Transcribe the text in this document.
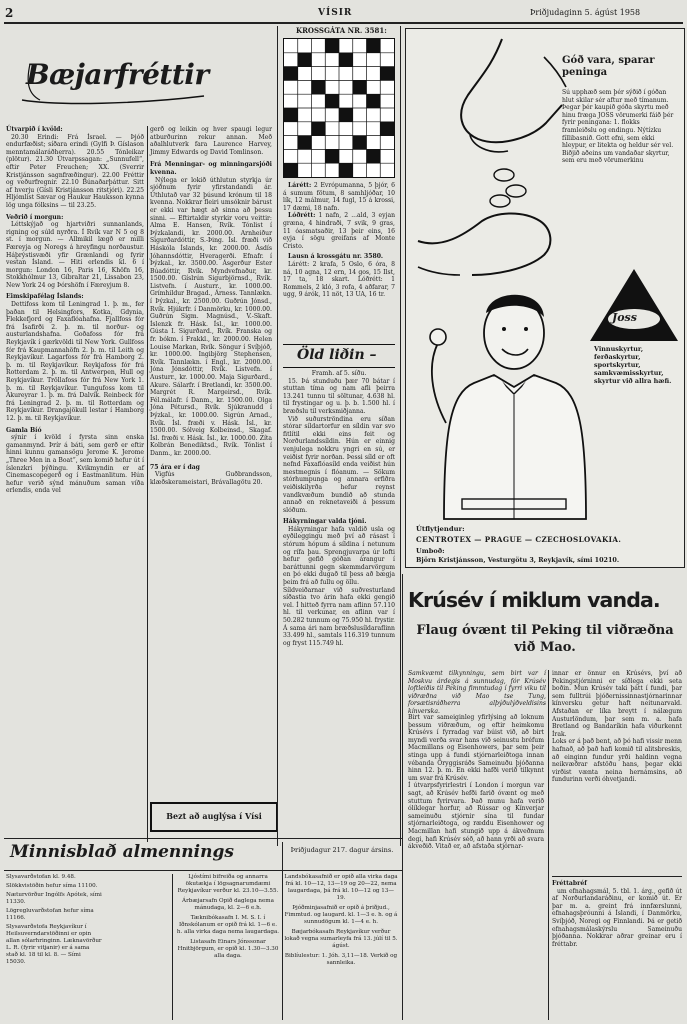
2	VÍSIR	Þriðjudaginn 5. ágúst 1958
Bæjarfréttir

Útvarpið í kvöld:

20.30 Erindi: Frá Ísrael. — Þjóð endurfæðist; síðara erindi (Gylfi Þ. Gíslason menntamálaráðherra). 20.55 Tónleikar (plötur). 21.30 Útvarpssagan: „Sunnufell“, eftir Peter Freuchen; XX. (Sverrir Kristjánsson sagnfræðingur). 22.00 Fréttir og veðurfregnir. 22.10 Búnaðarþáttur. Sitt af hverju (Gísli Kristjánsson ritstjóri). 22.25 Hljómlist Sævar og Haukur Hauksson kynna lög unga fólksins — til 23.25.

Veðrið í morgun:

Léttskýjað og hjartviðri sunnanlands, rigning og súld nyrðra. Í Rvík var N 5 og 8 st. í morgun. — Allmikil lægð er milli Færeyja og Noregs á hreyfingu norðaustur. Háþrýstisvæði yfir Grænlandi og fyrir vestan Ísland. — Hiti erlendis kl. 6 í morgun: London 16, Paris 16, Khöfn 16, Stokkhólmur 13, Gíbraltar 21, Lissabon 23, New York 24 og Þórshöfn í Færeyjum 8.

Eimskipafélag Íslands:

Dettifoss kom til Leningrad 1. þ. m., fer þaðan til Helsingfors, Kotka, Gdynia, Flekkefjord og Faxaflóahafna. Fjallfoss fór frá Ísafirði 2. þ. m. til norður- og austurlandshafna. Goðafoss fór frá Reykjavík í gærkvöldi til New York. Gullfoss fór frá Kaupmannahöfn 2. þ. m. til Leith og Reykjavíkur. Lagarfoss fór frá Hamborg 2. þ. m. til Reykjavíkur. Reykjafoss fór frá Rotterdam 2. þ. m. til Antwerpen, Hull og Reykjavíkur. Tröllafoss fór frá New York 1. þ. m. til Reykjavíkur. Tungufoss kom til Akureyrar 1. þ. m. frá Dalvík. Reinbeck fór frá Leningrad 2. þ. m. til Rotterdam og Reykjavíkur. Drangajökull lestar í Hamborg 12. þ. m. til Reykjavíkur.

Gamla Bíó

sýnir í kvöld í fyrsta sinn enska gamanmynd. Þrír á báti, sem gerð er eftir hinni kunnu gamansögu Jerome K. Jerome „Three Men in a Boat“, sem komið hefur út í íslenzkri þýðingu. Kvikmyndin er af Cinemascopegerð og í Eastmanlitum. Hún hefur verið sýnd mánuðum saman víða erlendis, enda vel

gerð og leikin og hver spaugi legur atburðurinn rekur annan. Með aðalhlutverk fara Laurence Harvey, Jimmy Edwards og David Tomlinson.

Frá Menningar- og minningarsjóði kvenna.

Nýlega er lokið úthlutun styrkja úr sjóðnum fyrir yfirstandandi ár. Úthlutað var 32 þúsund krónum til 18 kvenna. Nokkrar fleiri umsóknir bárust er ekki var hægt að sinna að þessu sinni. — Eftirtaldir styrkir voru veittir: Alma E. Hansen, Rvík. Tónlist í Þýzkalandi, kr. 2000.00. Arnheiður Sigurðardóttir, S.-Þing. Ísl. fræði við Háskóla Íslands, kr. 2000.00. Ásdís Jóhannsdóttir, Hveragerði. Efnafr. í Þýzkal., kr. 3500.00. Ásgerður Ester Búadóttir, Rvík. Myndvefnaður, kr. 1500.00. Gíslrún Sigurbjörnsd., Rvík. Listvefn. í Austurr., kr. 1000.00. Grímhildur Bragad., Árness. Tannlækn. í Þýzkal., kr. 2500.00. Guðrún Jónsd., Rvík. Hjúkrfr. í Danmörku, kr. 1000.00. Guðrún Sigm. Magnúsd., V.-Skaft. Íslenzk fr. Hásk. Ísl., kr. 1000.00. Gústa I. Sigurðard., Rvík. Franska og fr. bókm. í Frakkl., kr. 2000.00. Helen Louise Markan, Rvík. Söngur í Svíþjóð, kr. 1000.00. Ingibjörg Stephensen, Rvík. Tannlækn. í Engl., kr. 2000.00. Jóna Jónsdóttir, Rvík. Listvefn. í Austurr., kr. 1000.00. Maja Sigurðard., Akure. Sálarfr. í Bretlandi, kr. 3500.00. Margrét R. Margeirsd., Rvík. Fél.málafr. í Danm., kr. 1500.00. Olga Jóna Pétursd., Rvík. Sjúkranudd í Þýzkal., kr. 1000.00. Sigrún Arnad., Rvík. Ísl. fræði v. Hásk. Ísl., kr. 1500.00. Sólveig Kolbeinsd., Skagaf. Ísl. fræði v. Hásk. Ísl., kr. 1000.00. Zíta Kolbrán Benediktsd., Rvík. Tónlist í Danm., kr. 2000.00.

75 ára er í dag

Vigfús Guðbrandsson, klæðskerameistari, Brávallagötu 20.

Bezt að auglýsa í Vísi
KROSSGÁTA NR. 3581:

Lárétt: 2 Evrópumanna, 5 þjór, 6 á sumum fötum, 8 samhljóðar, 10 lík, 12 málmur, 14 fugl, 15 á krossi, 17 dæmi, 18 nafn.

Lóðrétt: 1 nafn, 2 ...ald, 3 eyjan græna, 4 hindraði, 7 svik, 9 gras, 11 óasmatsaðir, 13 þeir eins, 16 eyja í sögu greifans af Monte Cristo.

Lausn á krossgátu nr. 3580.

Lárétt: 2 krafa, 5 Oslo, 6 óra, 8 ná, 10 agna, 12 ern, 14 gos, 15 Ilst, 17 ta, 18 skart. Lóðrétt: 1 Rommels, 2 kló, 3 rofa, 4 aðfarar, 7 ugg, 9 árók, 11 nöt, 13 UA, 16 tr.

Öld liðin –

Framh. af 5. síðu.

15. Þá stunduðu þær 70 bátar í stuttan tíma og nam afli þeirra 13.241 tunnu til söltunar, 4.638 hl. til frystingar og u. þ. b. 1.500 hl. í bræðslu til verksmiðjanna.

Við suðurströndina eru síðan stórar síldartorfur en síldin var svo fitlítil ekki eins feit og Norðurlandssíldin. Hún er einnig venjulega nokkru yngri en sú, er veiðist fyrir norðan. Þessi síld er oft nefnd Faxaflóasíld enda veiðist hún mestmegnis í flóanum. — Sökum stórhumpunga og annara erfiðra veiðiskilyrða hefur reynst vandkvæðum bundið að stunda annað en reknetaveiði á þessum slóðum.

Hákyrningar valda tjóni.

Hákyrningar hafa valdið usla og eyðileggingu með því að rásast í stórum hópum á síldina í netunum og rífa þau. Sprengjuvarpa úr lofti hefur gefið góðan árangur í baráttunni gegn skemmdarvörgum en þó ekki dugað til þess að bægja þeim frá að fullu og öllu.
Síldveiðarnar við suðvesturland síðastia tvo árin hafa ekki gengið vel. Í hitteð fyrra nam aflinn 57.110 hl. til verkunar, en aflinn var í 50.282 tunnum og 75.950 hl. frystir. Á sama ári nam bræðslusíldaraflinn 33.499 hl., samtals 116.319 tunnum og fryst 115.749 hl.

Góð vara, sparar peninga
Sú upphæð sem þér sýðið í góðan hlut skilar sér aftur með tímanum. Þegar þér kaupið góða skyrtu með hinu fræga JOSS vörumerki fáið þér fyrir peningana: 1. flokks framleiðslu og endingu. Nýtízku fíllibasnið. Gott efni, sem ekki hleypur, er litekta og heldur sér vel. Biðjið aðeins um vandaðar skyrtur, sem eru með vörumerkinu
Joss
Vinnuskyrtur, ferðaskyrtur, sportskyrtur, samkvæmisskyrtur, skyrtur við allra hæfi.
Útflytjendur:
CENTROTEX — PRAGUE — CZECHOSLOVAKIA.
Umboð:
Björn Kristjánsson, Vesturgötu 3, Reykjavík, sími 10210.
Krúsév í miklum vanda.
Flaug óvænt til Peking til viðræðna við Mao.
Samkvæmt tilkynningu, sem birt var í Moskvu árdegis á sunnudag, fór Krúsév loftleiðis til Peking fimmtudag í fyrri viku til viðræðna við Mao tse Tung, forsætisráðherra alþýðulýðveldisins kínverska.
Birt var sameiginleg yfirlýsing að loknum þessum viðræðum, og eftir heimkomu Krúsévs í fyrradag var búist við, að birt myndi verða svar hans við seinustu bréfum Macmillans og Eisenhowers, þar sem þeir stinga upp á fundi stjórnarleiðtoga innan vébanda Öryggisráðs Sameinuðu þjóðanna hinn 12. þ. m. En ekki hafði verið tilkynnt um svar frá Krúsév.
Í útvarpsfyrirlestri í London í morgun var sagt, að Krúsév hefði farið óvænt og með stuttum fyrirvara. Það munu hafa verið ólíklegar horfur, að Rússar og Kínverjar sameinuðu stjórnir sína til fundar stjórnarleiðtoga, og ræddu Eisenhower og Macmillan hafi stungið upp á ákveðnum degi, hafi Krúsév séð, að hann yrði að svara ákveðið. Vitað er, að afstaða stjórnar-
innar er önnur en Krúsévs, því að Pekingstjórninni er síðlega ekki seta boðin. Mun Krúsév taki þátt í fundi, þar sem fulltrúi þjóðernissinnastjórnarinnar kínversku getur haft neitunarvald. Afstaðan er líka breytt í nálægum Austurlöndum, þar sem m. a. hafa Bretland og Bandaríkin hafa viðurkennt Írak.
Loks er á það bent, að þó hafi vissir menn hafnað, að það hafi komið til alitsbreskis, að einginn fundur yrði haldinn vegna neikvæðrar afstöðu hans, þegar ekki virðist vænta neina hernámsins, að fundurinn verði óhvetjandi.

Fréttabréf

um efnahagsmál, 5. tbl. 1. árg., gefið út af Norðurlandaráðinu, er komið út. Er þar m. a. greint frá innfærslunni, efnahagsþróunni á Íslandi, í Danmörku, Svíþjóð, Noregi og Finnlandi. Þá er getið efnahagsmálaskýrslu Sameinuðu þjóðanna. Nokkrar aðrar greinar eru í fréttabr.

Minnisblað almennings

Slysavarðstofan kl. 9.48.

Slökkvistöðin hefur síma 11100.

Næturvörður Ingólfs Apótek, sími 11330.

Lögregluvarðstofan hefur síma 11166.

Slysavarðstofa Reykjavíkur í Heilsuverndarstöðinni er opin allan sólarhringinn. Læknavörður L. R. (fyrir vitjanir) er á sama stað kl. 18 til kl. 8. — Sími 15030.

Ljóstími bifreiða og annarra ökutækja í lögsagnarumdæmi Reykjavíkur verður kl. 23.10—3.55.

Árbæjarsafn Opið daglega nema mánudaga, kl. 2—6 e.h.

Tæknibókasafn I. M. S. I. í Iðnskólanum er opið frá kl. 1—6 e. h. alla virka daga nema laugardaga.

Listasafn Einars Jónssonar Hnitbjörgum, er opið kl. 1.30—3.30 alla daga.

Þriðjudagur 217. dagur ársins.

Landsbókasafnið er opið alla virka daga frá kl. 10—12, 13—19 og 20—22, nema laugardaga, þá frá kl. 10—12 og 13—19.

Þjóðminjasafnið er opið á þriðjud., Fimmtud. og laugard. kl. 1—3 e. h. og á sunnudögum kl. 1—4 e. h.

Bæjarbókasafn Reykjavíkur verður lokað vegna sumarleyfa frá 13. júlí til 5. ágúst.

Biblíulestur: 1. Jóh. 3,11—18. Verkið og sannleika.
